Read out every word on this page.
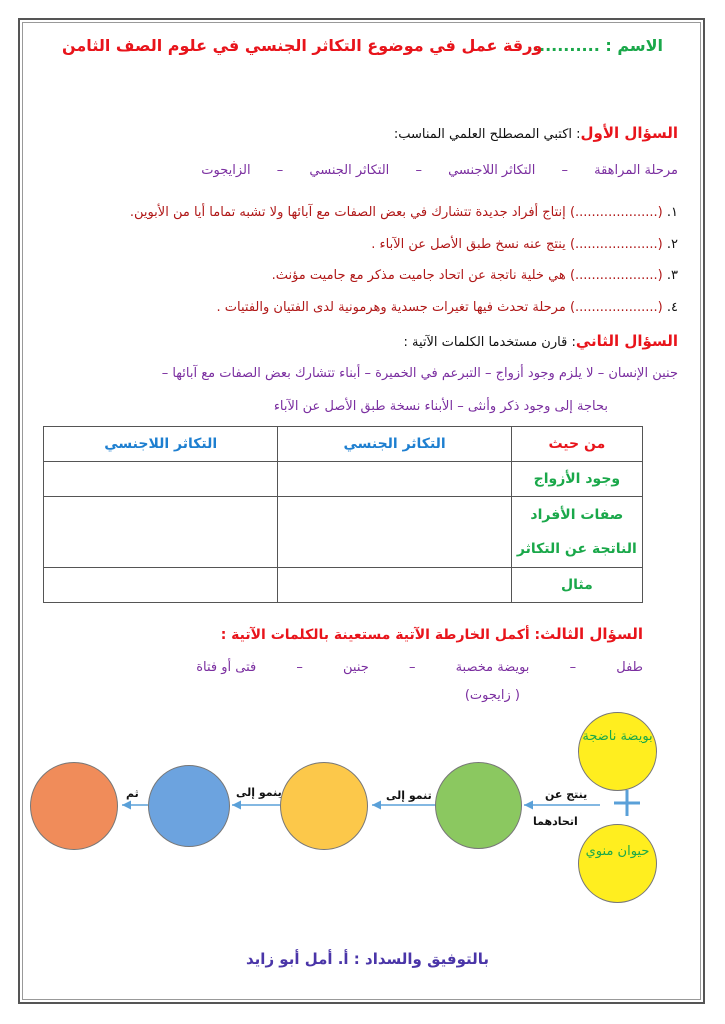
الاسم : ............
ورقة عمل في موضوع التكاثر الجنسي في علوم الصف الثامن
السؤال الأول: اكتبي المصطلح العلمي المناسب:
مرحلة المراهقة – التكاثر اللاجنسي – التكاثر الجنسي – الزايجوت
١. (....................) إنتاج أفراد جديدة تتشارك في بعض الصفات مع آبائها ولا تشبه تماما أيا من الأبوين.
٢. (....................) ينتج عنه نسخ طبق الأصل عن الآباء .
٣. (....................) هي خلية ناتجة عن اتحاد جاميت مذكر مع جاميت مؤنث.
٤. (....................) مرحلة تحدث فيها تغيرات جسدية وهرمونية لدى الفتيان والفتيات .
السؤال الثاني: قارن مستخدما الكلمات الآتية :
جنين الإنسان – لا يلزم وجود أزواج – التبرعم في الخميرة – أبناء تتشارك بعض الصفات مع آبائها –
بحاجة إلى وجود ذكر وأنثى – الأبناء نسخة طبق الأصل عن الآباء
من حيث	التكاثر الجنسي	التكاثر اللاجنسي
وجود الأزواج		
صفات الأفراد الناتجة عن التكاثر		
مثال		
السؤال الثالث: أكمل الخارطة الآتية مستعينة بالكلمات الآتية :
طفل – بويضة مخصبة – جنين – فتى أو فتاة
( زايجوت)
بويضة ناضجة
حيوان منوي
ينتج عن
اتحادهما
تنمو إلى
ينمو إلى
ثم
بالتوفيق والسداد : أ. أمل أبو زايد
